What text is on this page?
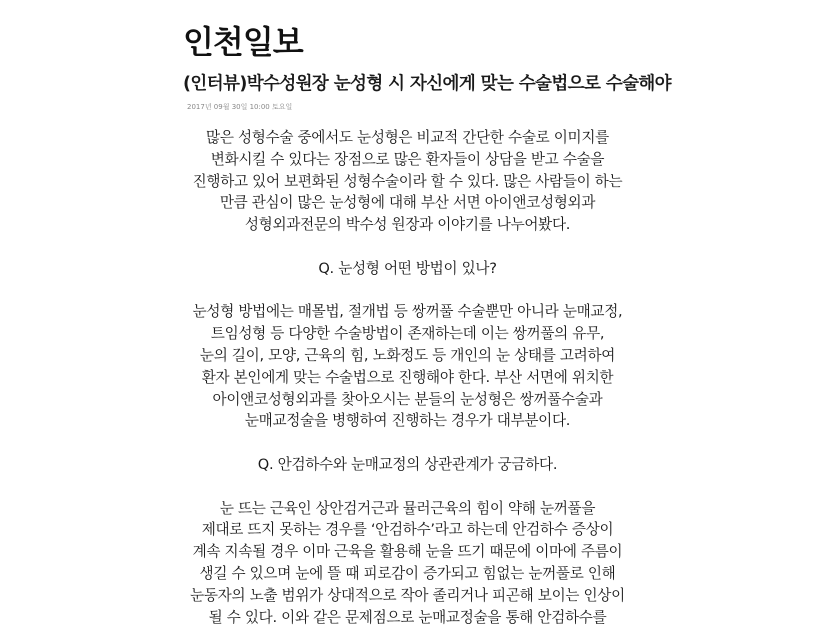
인천일보
(인터뷰)박수성원장 눈성형 시 자신에게 맞는 수술법으로 수술해야
2017년 09월 30일 10:00 토요일

많은 성형수술 중에서도 눈성형은 비교적 간단한 수술로 이미지를
변화시킬 수 있다는 장점으로 많은 환자들이 상담을 받고 수술을
진행하고 있어 보편화된 성형수술이라 할 수 있다. 많은 사람들이 하는
만큼 관심이 많은 눈성형에 대해 부산 서면 아이앤코성형외과
성형외과전문의 박수성 원장과 이야기를 나누어봤다.

Q. 눈성형 어떤 방법이 있나?

눈성형 방법에는 매몰법, 절개법 등 쌍꺼풀 수술뿐만 아니라 눈매교정,
트임성형 등 다양한 수술방법이 존재하는데 이는 쌍꺼풀의 유무,
눈의 길이, 모양, 근육의 힘, 노화정도 등 개인의 눈 상태를 고려하여
환자 본인에게 맞는 수술법으로 진행해야 한다. 부산 서면에 위치한
아이앤코성형외과를 찾아오시는 분들의 눈성형은 쌍꺼풀수술과
눈매교정술을 병행하여 진행하는 경우가 대부분이다.

Q. 안검하수와 눈매교정의 상관관계가 궁금하다.

눈 뜨는 근육인 상안검거근과 뮬러근육의 힘이 약해 눈꺼풀을
제대로 뜨지 못하는 경우를 ‘안검하수’라고 하는데 안검하수 증상이
계속 지속될 경우 이마 근육을 활용해 눈을 뜨기 때문에 이마에 주름이
생길 수 있으며 눈에 뜰 때 피로감이 증가되고 힘없는 눈꺼풀로 인해
눈동자의 노출 범위가 상대적으로 작아 졸리거나 피곤해 보이는 인상이
될 수 있다. 이와 같은 문제점으로 눈매교정술을 통해 안검하수를
